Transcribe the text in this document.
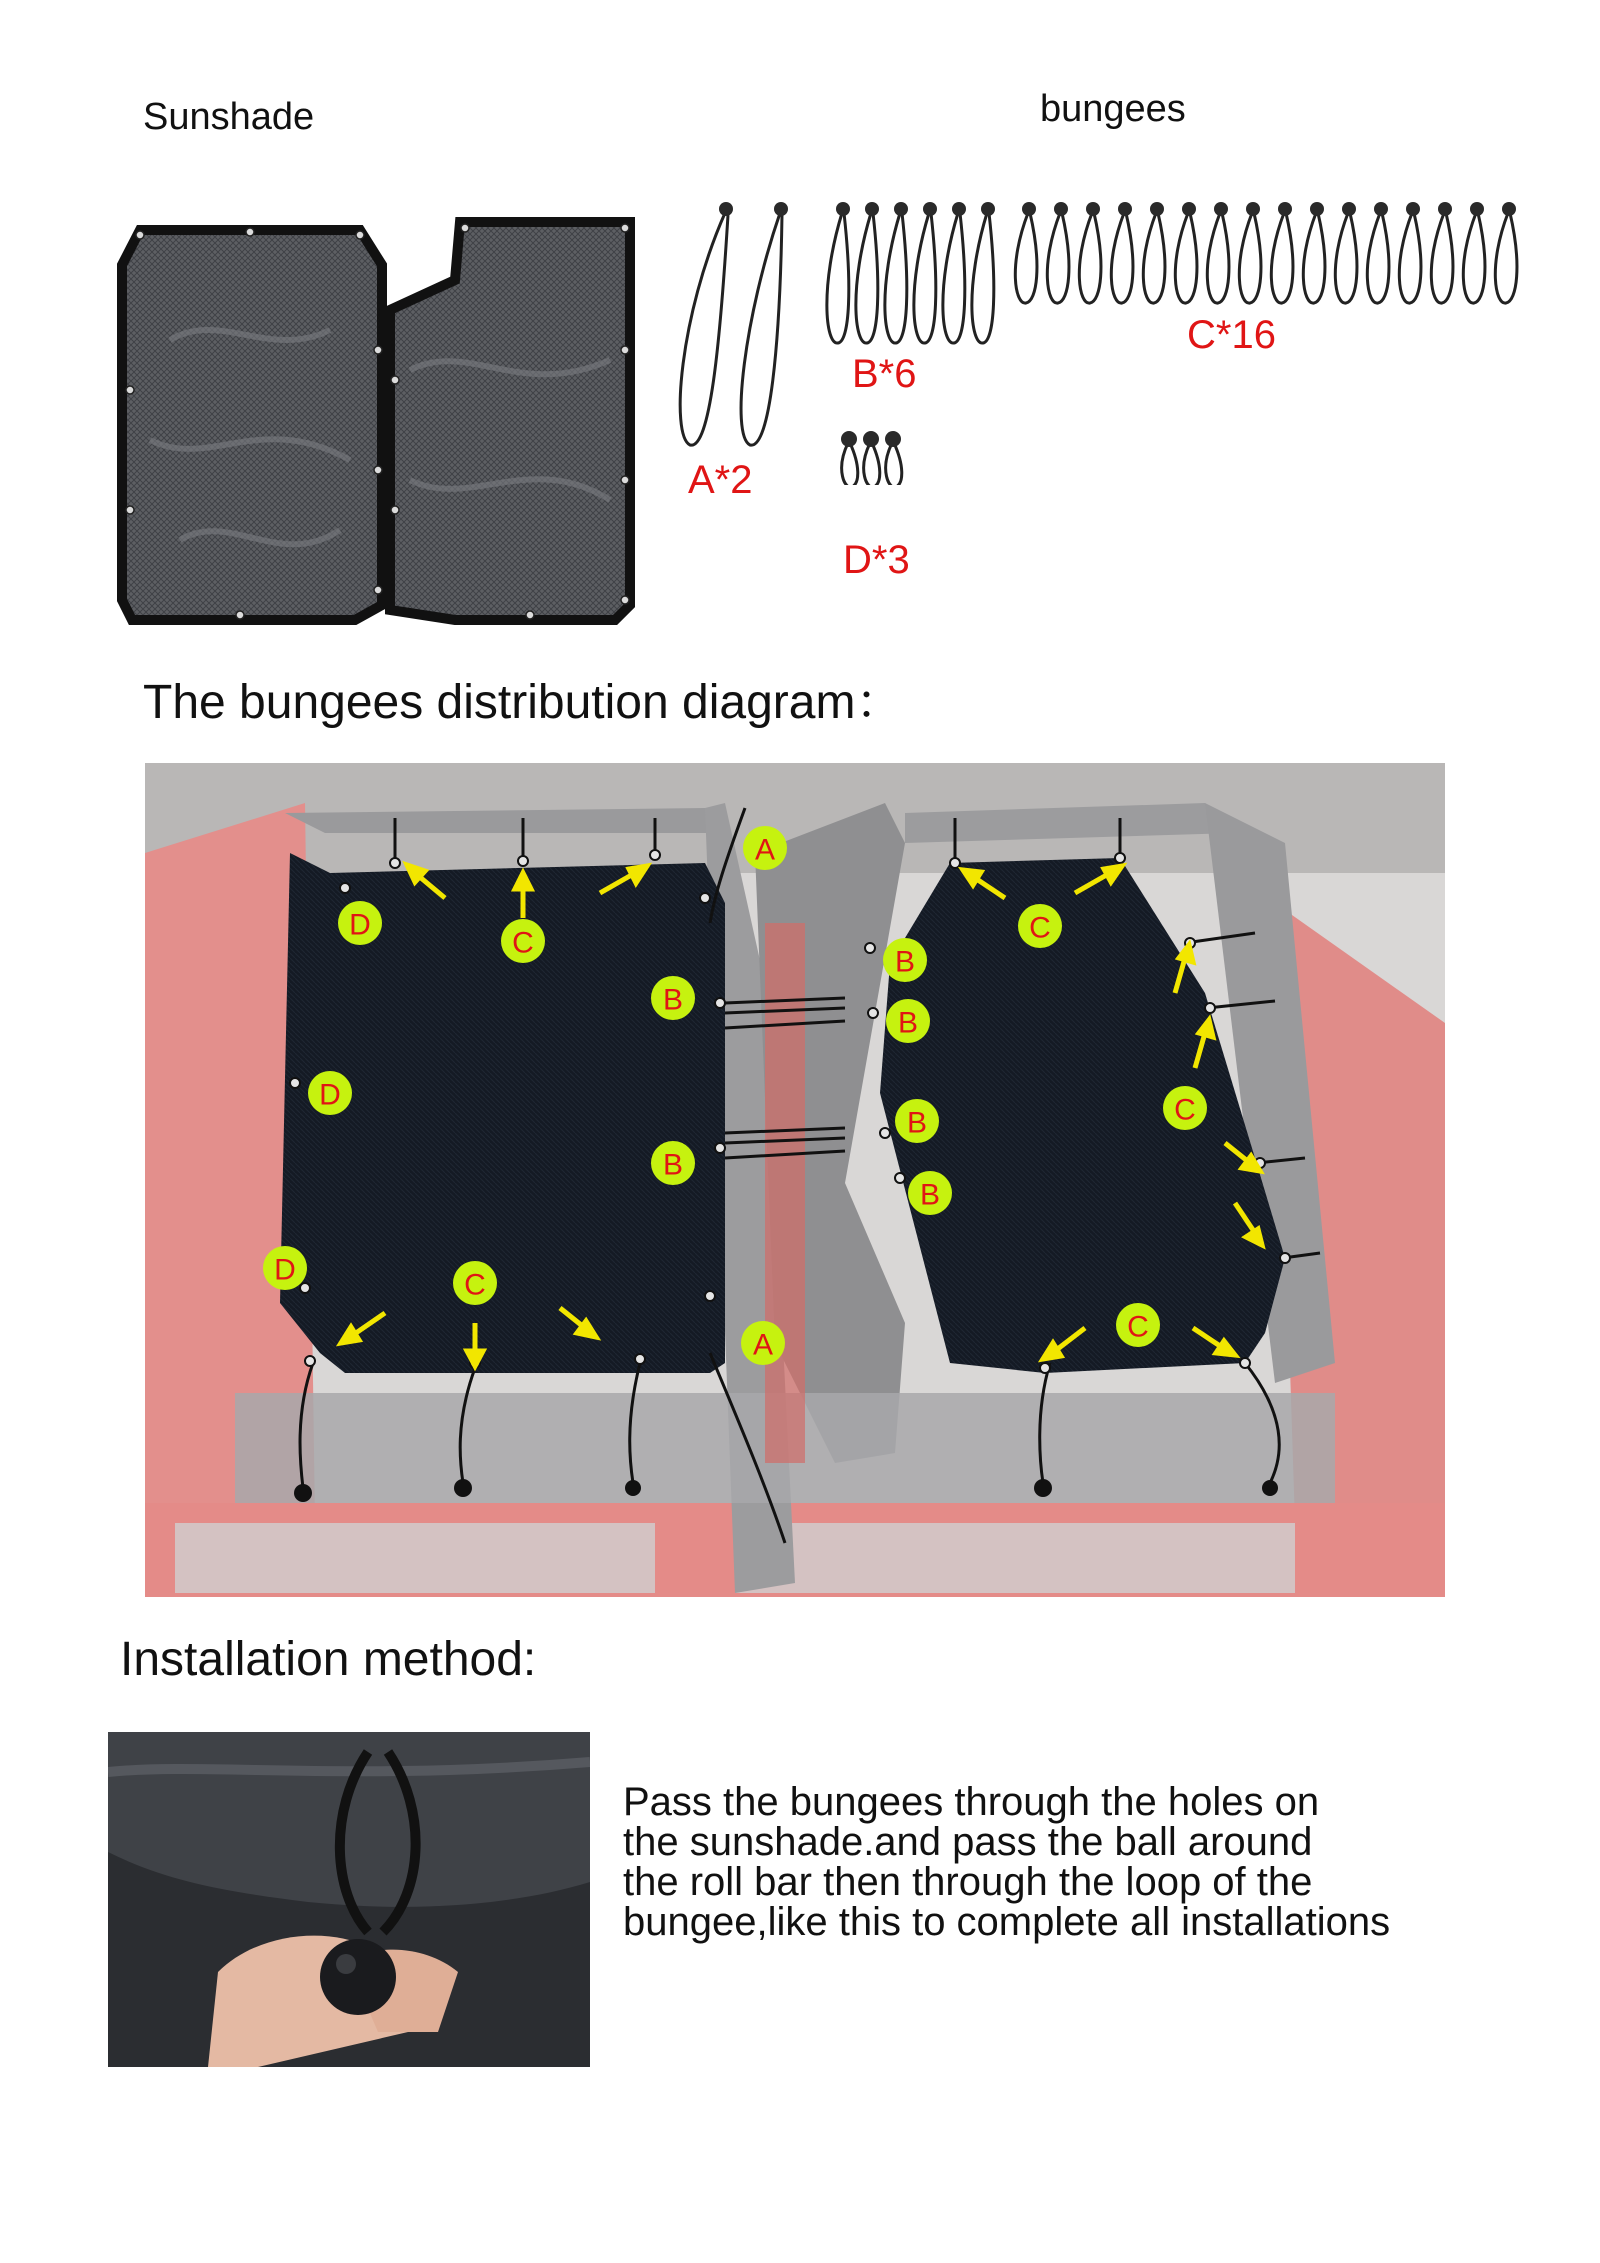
Sunshade	bungees
A*2
B*6
C*16
D*3
The bungees distribution diagram：
A
A
B
B
B
B
B
B
C	C
C
C
C
D
D
D
Installation method:
Pass the bungees through the holes on
the sunshade.and pass the ball around
the roll bar then through the loop of the
bungee,like this to complete all installations
